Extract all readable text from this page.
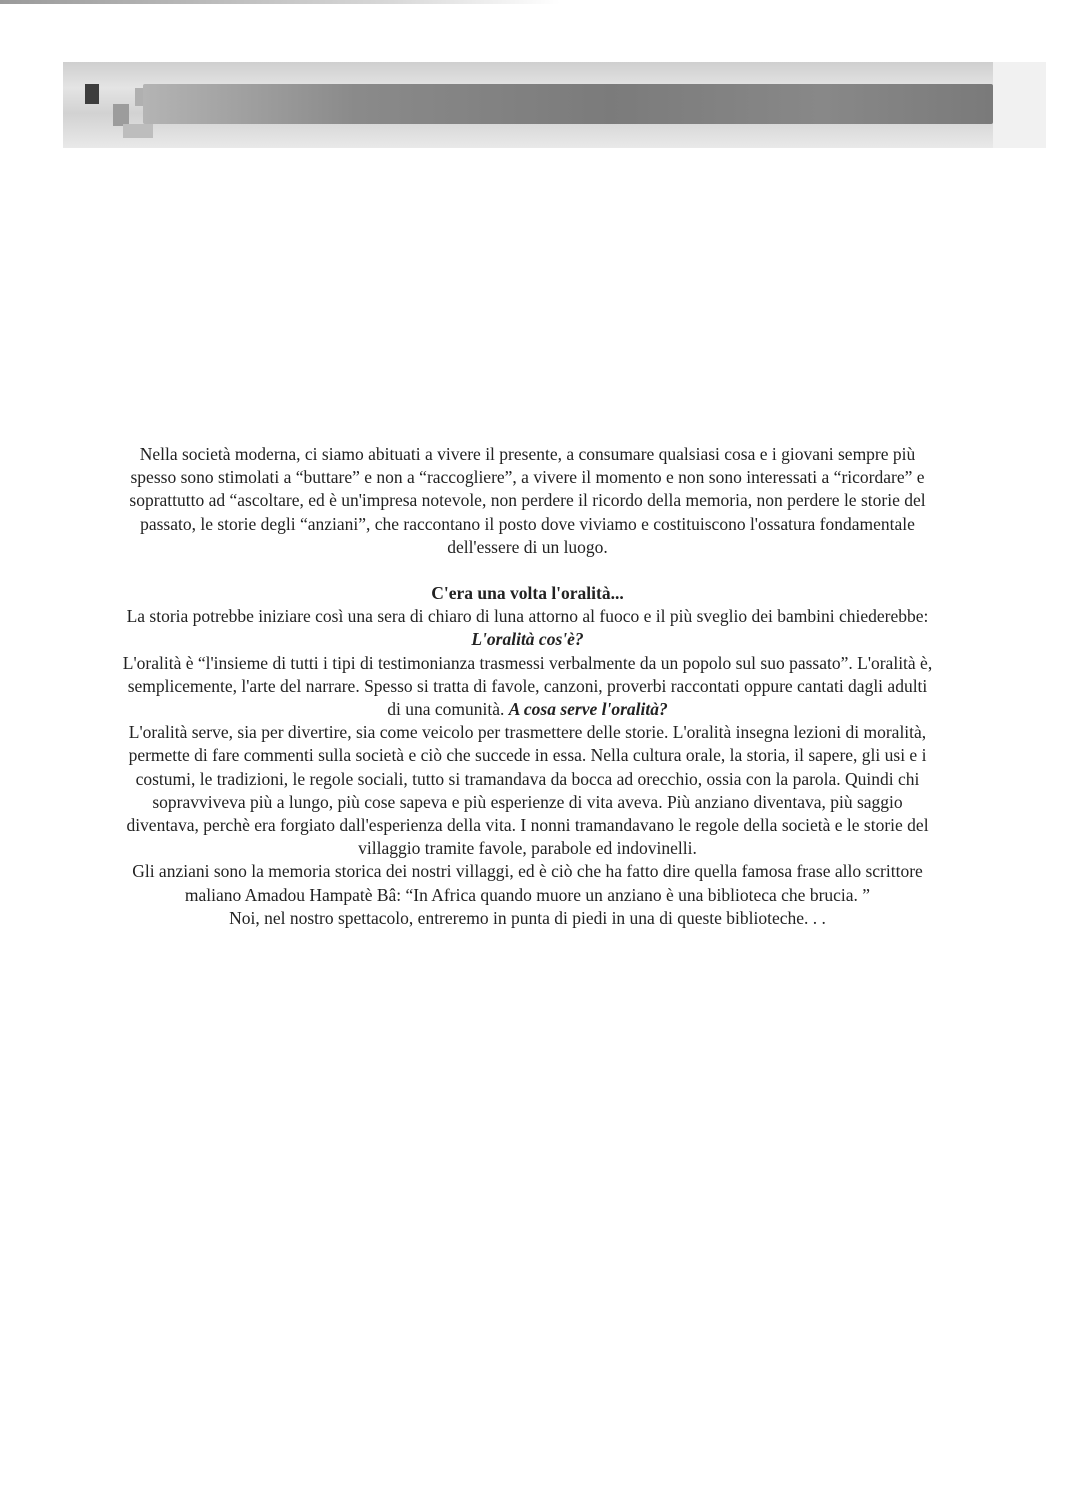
Nella società moderna, ci siamo abituati a vivere il presente, a consumare qualsiasi cosa e i giovani sempre più spesso sono stimolati a “buttare” e non a “raccogliere”, a vivere il momento e non sono interessati a “ricordare” e soprattutto ad “ascoltare, ed è un'impresa notevole, non perdere il ricordo della memoria, non perdere le storie del passato, le storie degli “anziani”, che raccontano il posto dove viviamo e costituiscono l'ossatura fondamentale dell'essere di un luogo.

C'era una volta l'oralità...

La storia potrebbe iniziare così una sera di chiaro di luna attorno al fuoco e il più sveglio dei bambini chiederebbe: L'oralità cos'è?

L'oralità è “l'insieme di tutti i tipi di testimonianza trasmessi verbalmente da un popolo sul suo passato”. L'oralità è, semplicemente, l'arte del narrare. Spesso si tratta di favole, canzoni, proverbi raccontati oppure cantati dagli adulti di una comunità. A cosa serve l'oralità?

L'oralità serve, sia per divertire, sia come veicolo per trasmettere delle storie. L'oralità insegna lezioni di moralità, permette di fare commenti sulla società e ciò che succede in essa. Nella cultura orale, la storia, il sapere, gli usi e i costumi, le tradizioni, le regole sociali, tutto si tramandava da bocca ad orecchio, ossia con la parola. Quindi chi sopravviveva più a lungo, più cose sapeva e più esperienze di vita aveva. Più anziano diventava, più saggio diventava, perchè era forgiato dall'esperienza della vita. I nonni tramandavano le regole della società e le storie del villaggio tramite favole, parabole ed indovinelli.

Gli anziani sono la memoria storica dei nostri villaggi, ed è ciò che ha fatto dire quella famosa frase allo scrittore maliano Amadou Hampatè Bâ: “In Africa quando muore un anziano è una biblioteca che brucia. ”

Noi, nel nostro spettacolo, entreremo in punta di piedi in una di queste biblioteche. . .
